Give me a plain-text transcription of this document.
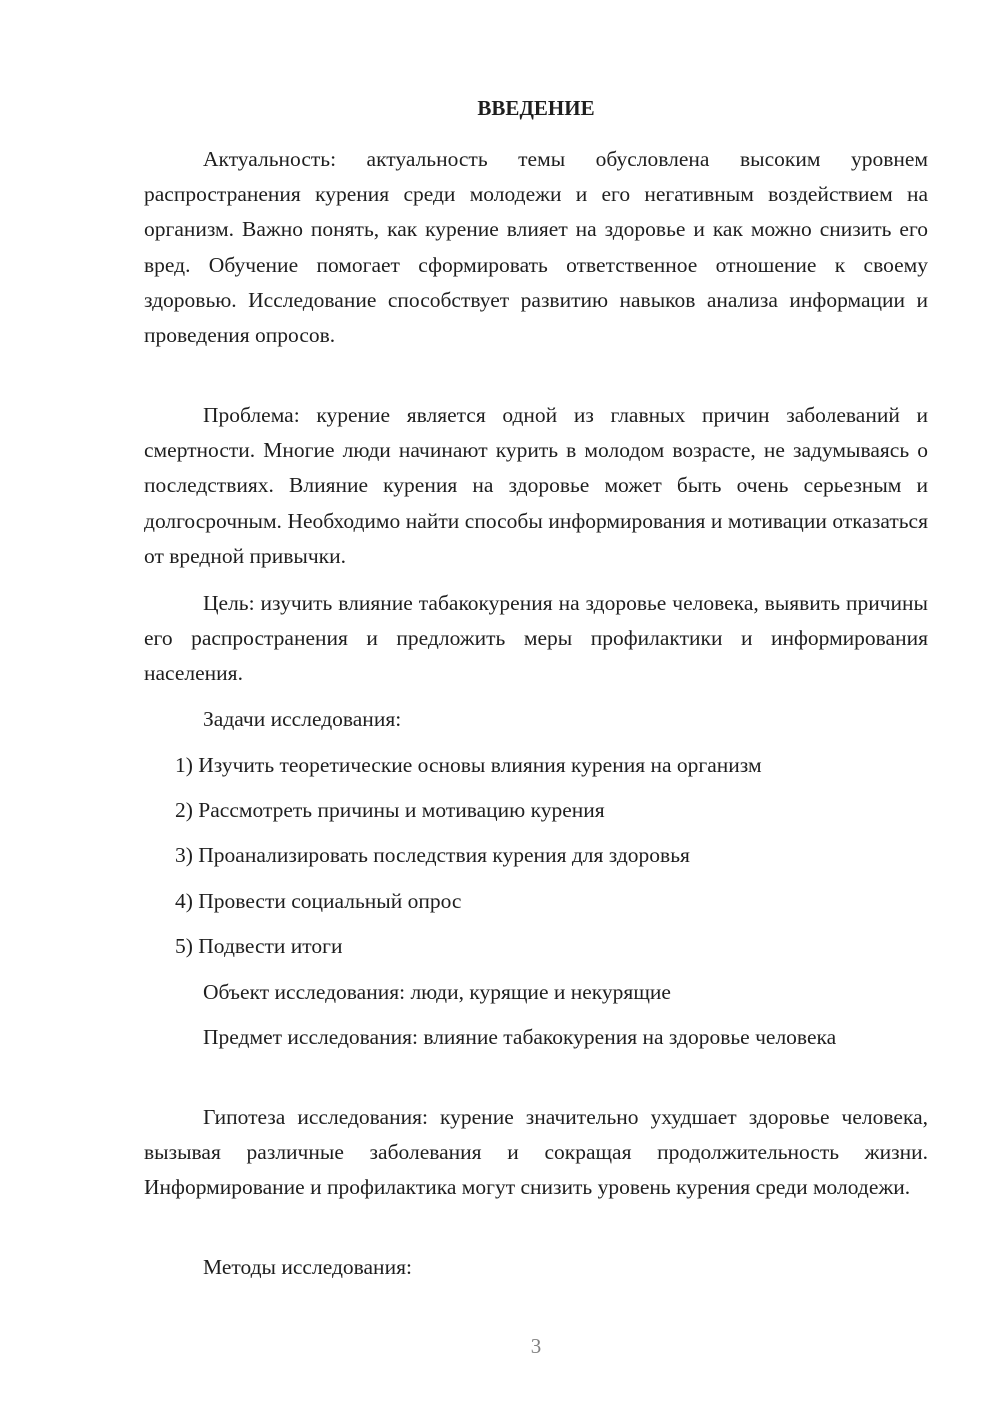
ВВЕДЕНИЕ

Актуальность: актуальность темы обусловлена высоким уровнем распространения курения среди молодежи и его негативным воздействием на организм. Важно понять, как курение влияет на здоровье и как можно снизить его вред. Обучение помогает сформировать ответственное отношение к своему здоровью. Исследование способствует развитию навыков анализа информации и проведения опросов.

Проблема: курение является одной из главных причин заболеваний и смертности. Многие люди начинают курить в молодом возрасте, не задумываясь о последствиях. Влияние курения на здоровье может быть очень серьезным и долгосрочным. Необходимо найти способы информирования и мотивации отказаться от вредной привычки.

Цель: изучить влияние табакокурения на здоровье человека, выявить причины его распространения и предложить меры профилактики и информирования населения.

Задачи исследования:

1) Изучить теоретические основы влияния курения на организм

2) Рассмотреть причины и мотивацию курения

3) Проанализировать последствия курения для здоровья

4) Провести социальный опрос

5) Подвести итоги

Объект исследования: люди, курящие и некурящие

Предмет исследования: влияние табакокурения на здоровье человека

Гипотеза исследования: курение значительно ухудшает здоровье человека, вызывая различные заболевания и сокращая продолжительность жизни. Информирование и профилактика могут снизить уровень курения среди молодежи.

Методы исследования:

3
